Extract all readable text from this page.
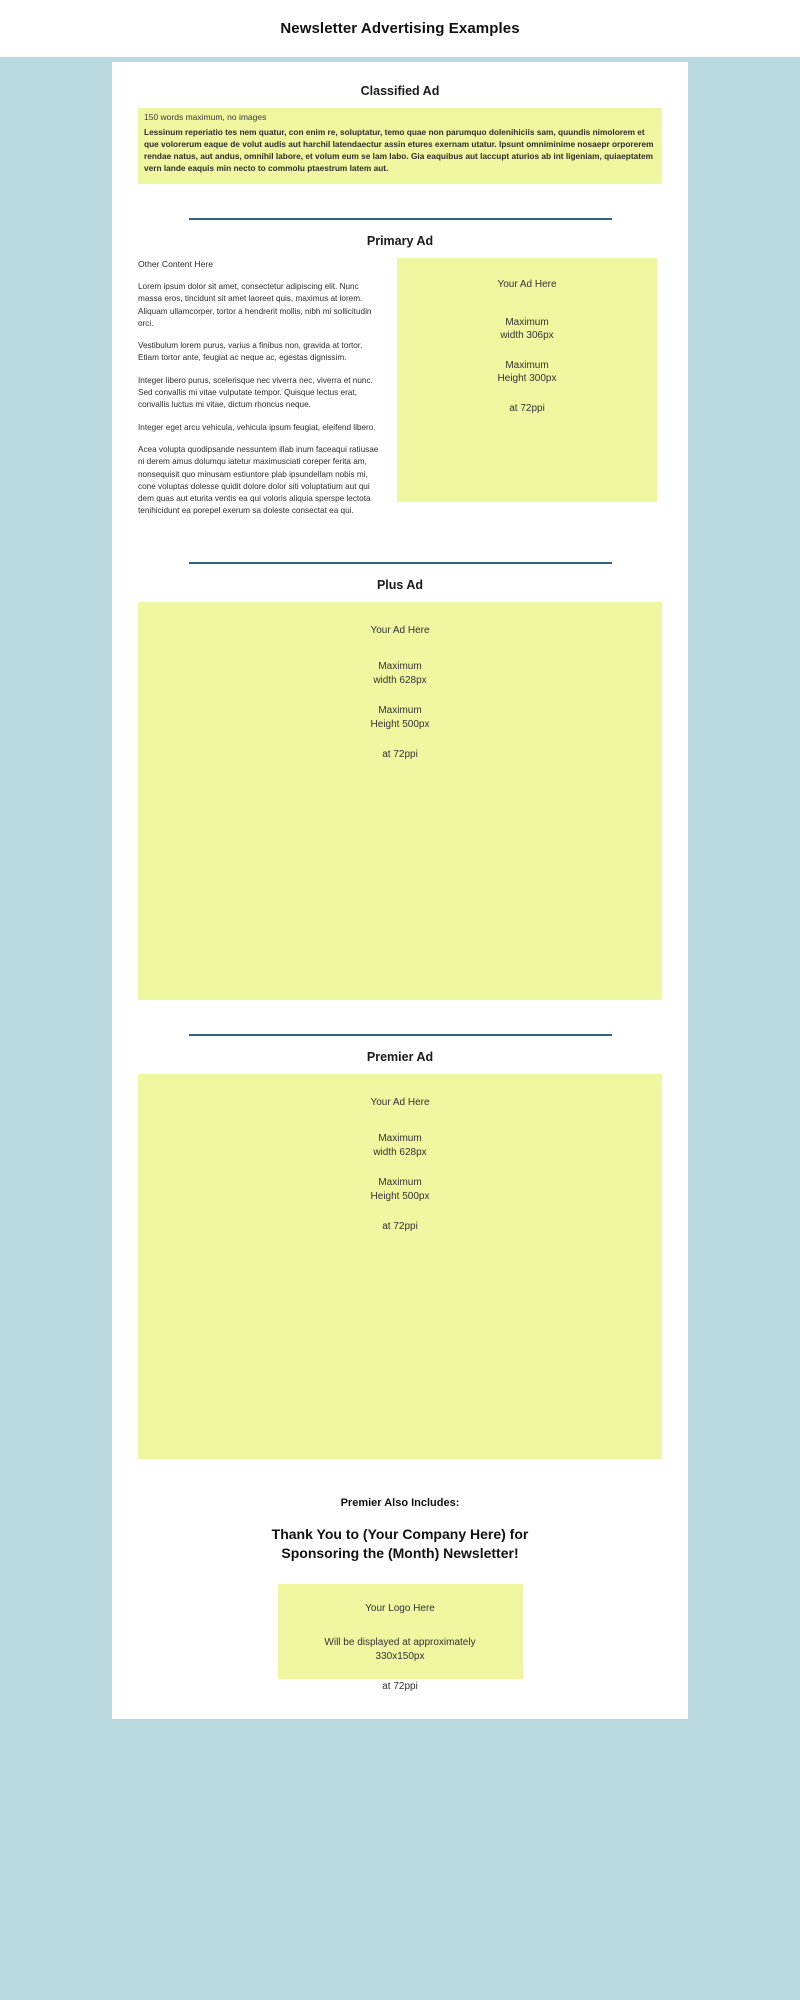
Newsletter Advertising Examples
Classified Ad
150 words maximum, no images
Lessinum reperiatio tes nem quatur, con enim re, soluptatur, temo quae non parumquo dolenihiciis sam, quundis nimolorem et que volorerum eaque de volut audis aut harchil latendaectur assin etures exernam utatur. Ipsunt omniminime nosaepr orporerem rendae natus, aut andus, omnihil labore, et volum eum se lam labo. Gia eaquibus aut laccupt aturios ab int ligeniam, quiaeptatem vern lande eaquis min necto to commolu ptaestrum latem aut.
Primary Ad

Other Content Here

Lorem ipsum dolor sit amet, consectetur adipiscing elit. Nunc massa eros, tincidunt sit amet laoreet quis, maximus at lorem. Aliquam ullamcorper, tortor a hendrerit mollis, nibh mi sollicitudin orci.

Vestibulum lorem purus, varius a finibus non, gravida at tortor. Etiam tortor ante, feugiat ac neque ac, egestas dignissim.

Integer libero purus, scelerisque nec viverra nec, viverra et nunc. Sed convallis mi vitae vulputate tempor. Quisque lectus erat, convallis luctus mi vitae, dictum rhoncus neque.

Integer eget arcu vehicula, vehicula ipsum feugiat, eleifend libero.

Acea volupta quodipsande nessuntem illab inum faceaqui ratiusae ni derem amus dolumqu iatetur maximusciati coreper ferita am, nonsequisit quo minusam estiuntore plab ipsundellam nobis mi, cone voluptas dolesse quidit dolore dolor siti voluptatium aut qui dem quas aut eturita ventis ea qui voloris aliquia sperspe lectota tenihicidunt ea porepel exerum sa doleste consectat ea qui.

Your Ad Here
Maximum
width 306px
Maximum
Height 300px
at 72ppi
Plus Ad
Your Ad Here
Maximum
width 628px
Maximum
Height 500px
at 72ppi
Premier Ad
Your Ad Here
Maximum
width 628px
Maximum
Height 500px
at 72ppi
Premier Also Includes:
Thank You to (Your Company Here) for
Sponsoring the (Month) Newsletter!
Your Logo Here
Will be displayed at approximately
330x150px
at 72ppi
